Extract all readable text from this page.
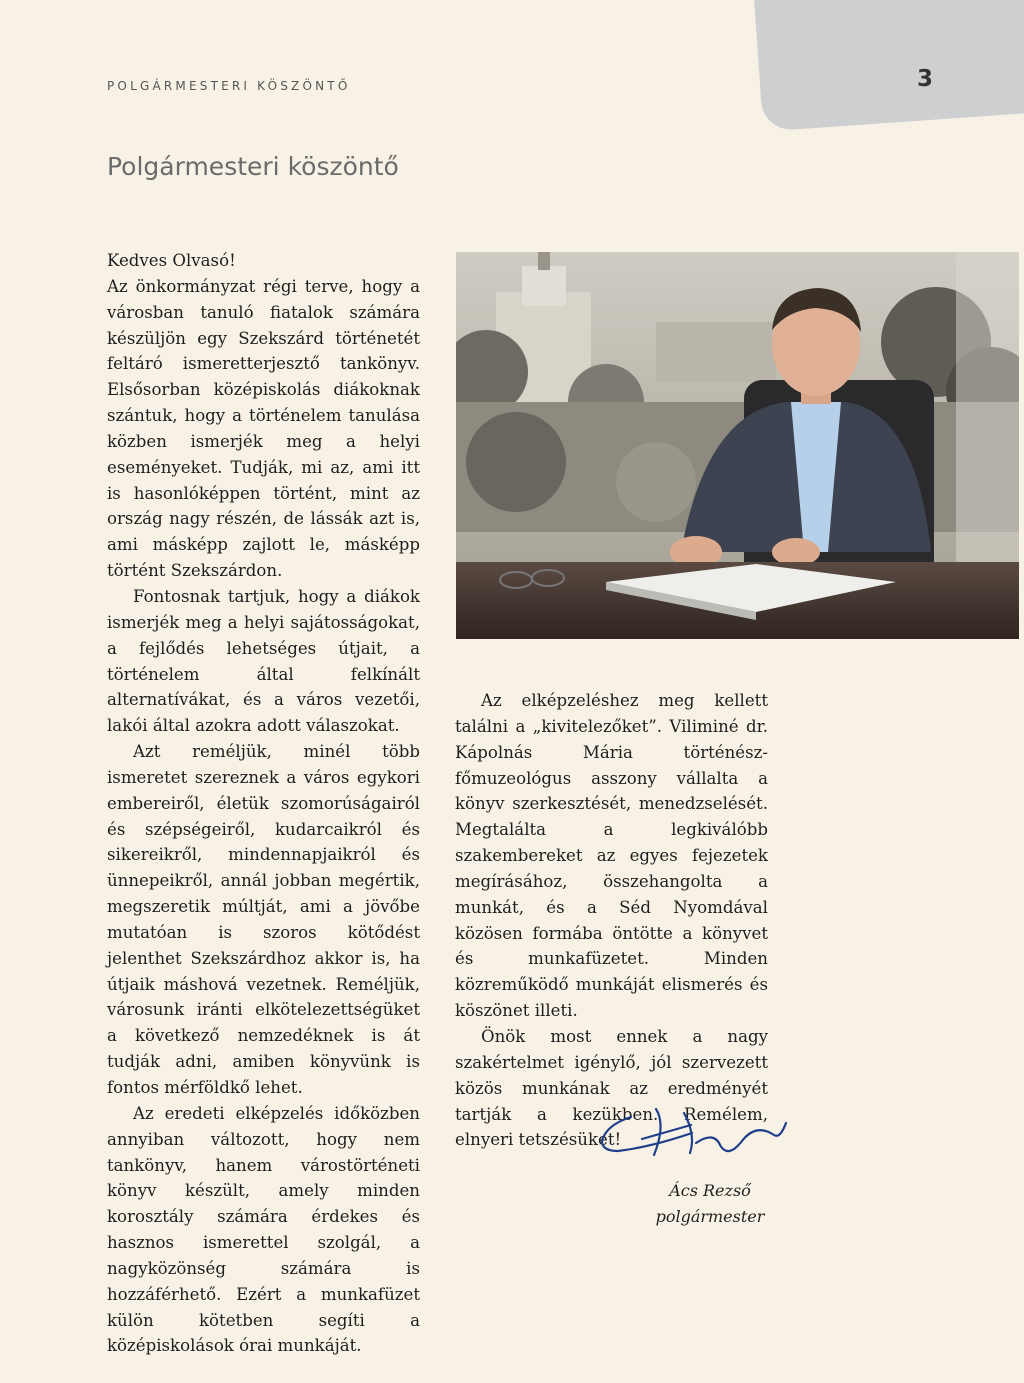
3
POLGÁRMESTERI KÖSZÖNTŐ
Polgármesteri köszöntő

Kedves Olvasó!

Az önkormányzat régi terve, hogy a városban tanuló fiatalok számára készüljön egy Szekszárd történetét feltáró ismeretterjesztő tankönyv. Elsősorban középiskolás diákoknak szántuk, hogy a történelem tanulása közben ismerjék meg a helyi eseményeket. Tudják, mi az, ami itt is hasonlóképpen történt, mint az ország nagy részén, de lássák azt is, ami másképp zajlott le, másképp történt Szekszárdon.

Fontosnak tartjuk, hogy a diákok ismerjék meg a helyi sajátosságokat, a fejlődés lehetséges útjait, a történelem által felkínált alternatívákat, és a város vezetői, lakói által azokra adott válaszokat.

Azt reméljük, minél több ismeretet szereznek a város egykori embereiről, életük szomorúságairól és szépségeiről, kudarcaikról és sikereikről, mindennapjaikról és ünnepeikről, annál jobban megértik, megszeretik múltját, ami a jövőbe mutatóan is szoros kötődést jelenthet Szekszárdhoz akkor is, ha útjaik máshová vezetnek. Reméljük, városunk iránti elkötelezettségüket a következő nemzedéknek is át tudják adni, amiben könyvünk is fontos mérföldkő lehet.

Az eredeti elképzelés időközben annyiban változott, hogy nem tankönyv, hanem várostörténeti könyv készült, amely minden korosztály számára érdekes és hasznos ismerettel szolgál, a nagyközönség számára is hozzáférhető. Ezért a munkafüzet külön kötetben segíti a középiskolások órai munkáját.

Az elképzeléshez meg kellett találni a „kivitelezőket”. Viliminé dr. Kápolnás Mária történész-főmuzeológus asszony vállalta a könyv szerkesztését, menedzselését. Megtalálta a legkiválóbb szakembereket az egyes fejezetek megírásához, összehangolta a munkát, és a Séd Nyomdával közösen formába öntötte a könyvet és munkafüzetet. Minden közreműködő munkáját elismerés és köszönet illeti.

Önök most ennek a nagy szakértelmet igénylő, jól szervezett közös munkának az eredményét tartják a kezükben. Remélem, elnyeri tetszésüket!

Ács Rezső
polgármester
